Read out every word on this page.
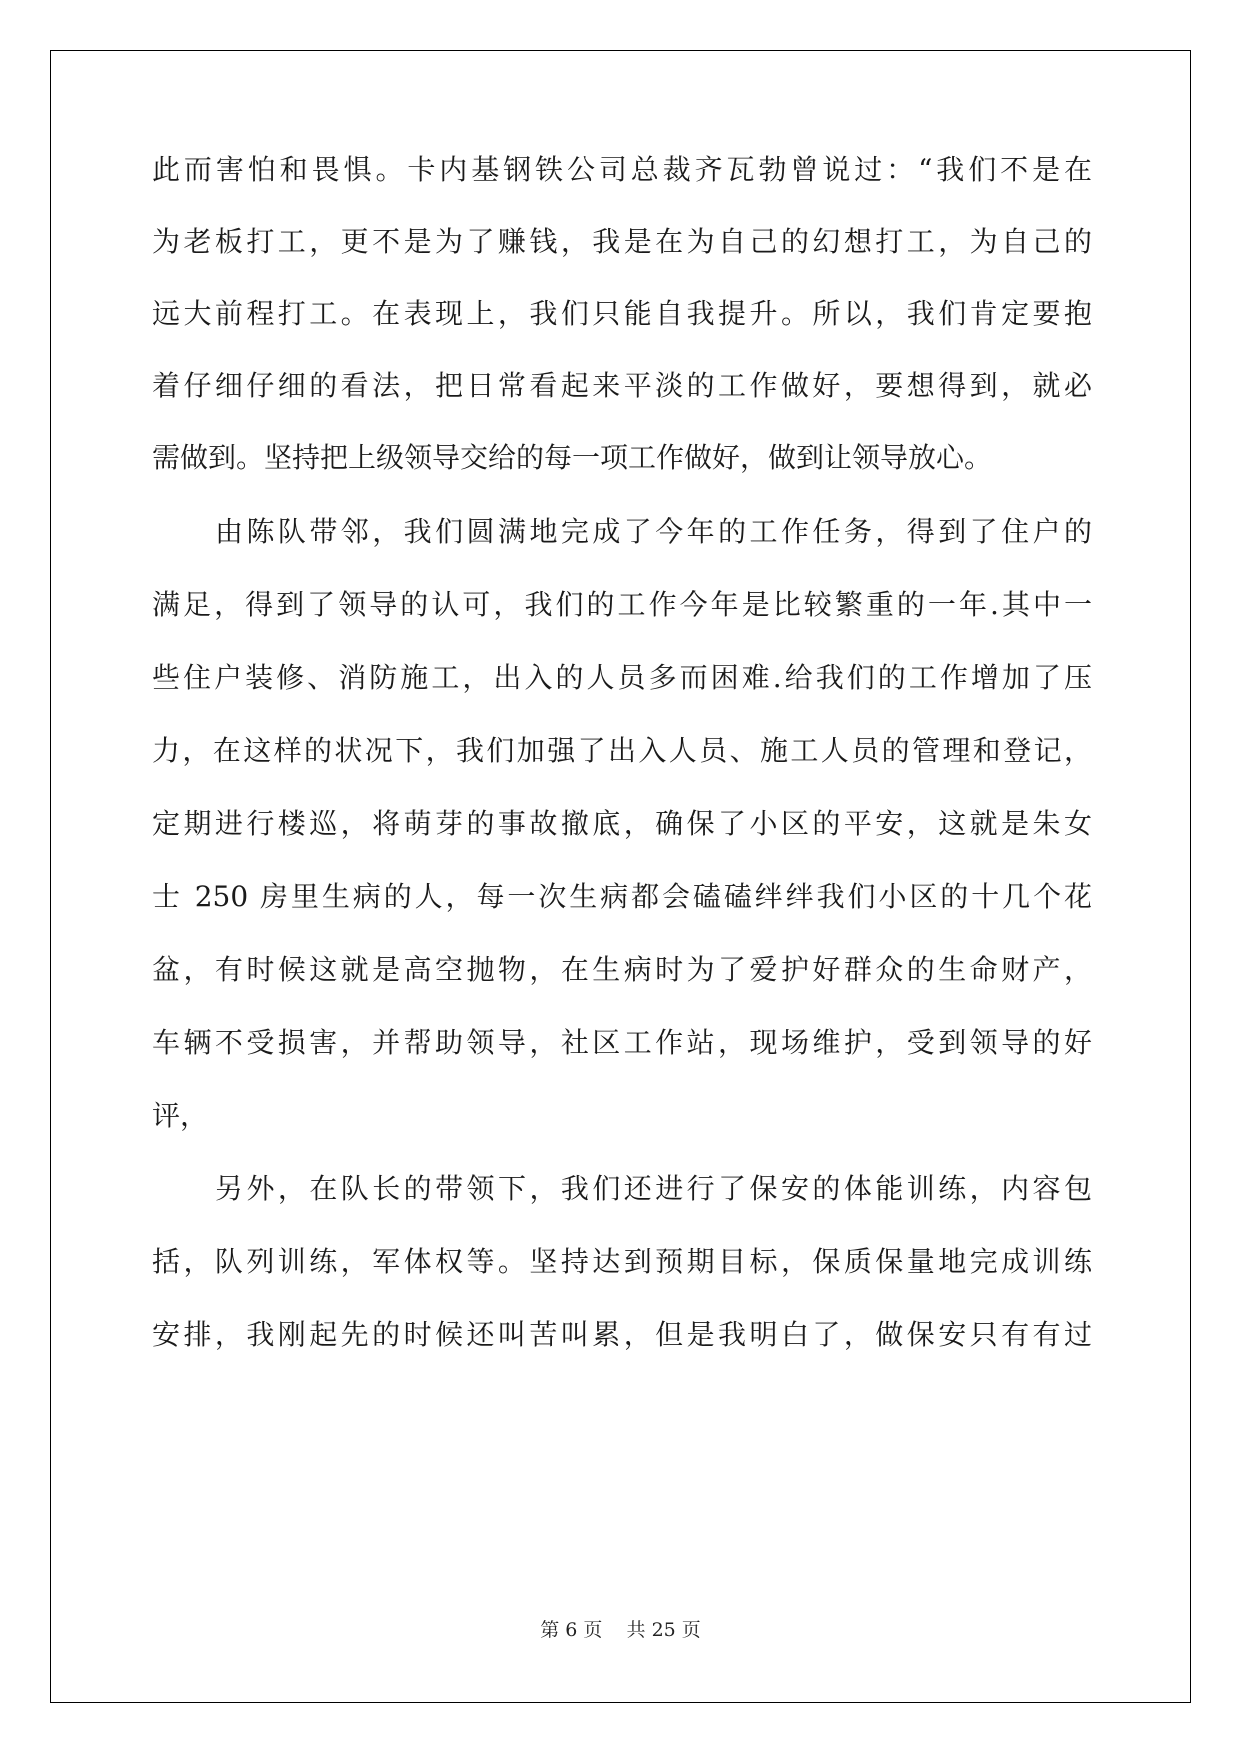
此而害怕和畏惧。卡内基钢铁公司总裁齐瓦勃曾说过：“我们不是在
为老板打工，更不是为了赚钱，我是在为自己的幻想打工，为自己的
远大前程打工。在表现上，我们只能自我提升。所以，我们肯定要抱
着仔细仔细的看法，把日常看起来平淡的工作做好，要想得到，就必
需做到。坚持把上级领导交给的每一项工作做好，做到让领导放心。
由陈队带邻，我们圆满地完成了今年的工作任务，得到了住户的
满足，得到了领导的认可，我们的工作今年是比较繁重的一年.其中一
些住户装修、消防施工，出入的人员多而困难.给我们的工作增加了压
力，在这样的状况下，我们加强了出入人员、施工人员的管理和登记，
定期进行楼巡，将萌芽的事故撤底，确保了小区的平安，这就是朱女
士 250 房里生病的人，每一次生病都会磕磕绊绊我们小区的十几个花
盆，有时候这就是高空抛物，在生病时为了爱护好群众的生命财产，
车辆不受损害，并帮助领导，社区工作站，现场维护，受到领导的好
评，
另外，在队长的带领下，我们还进行了保安的体能训练，内容包
括，队列训练，军体权等。坚持达到预期目标，保质保量地完成训练
安排，我刚起先的时候还叫苦叫累，但是我明白了，做保安只有有过
第 6 页 共 25 页
